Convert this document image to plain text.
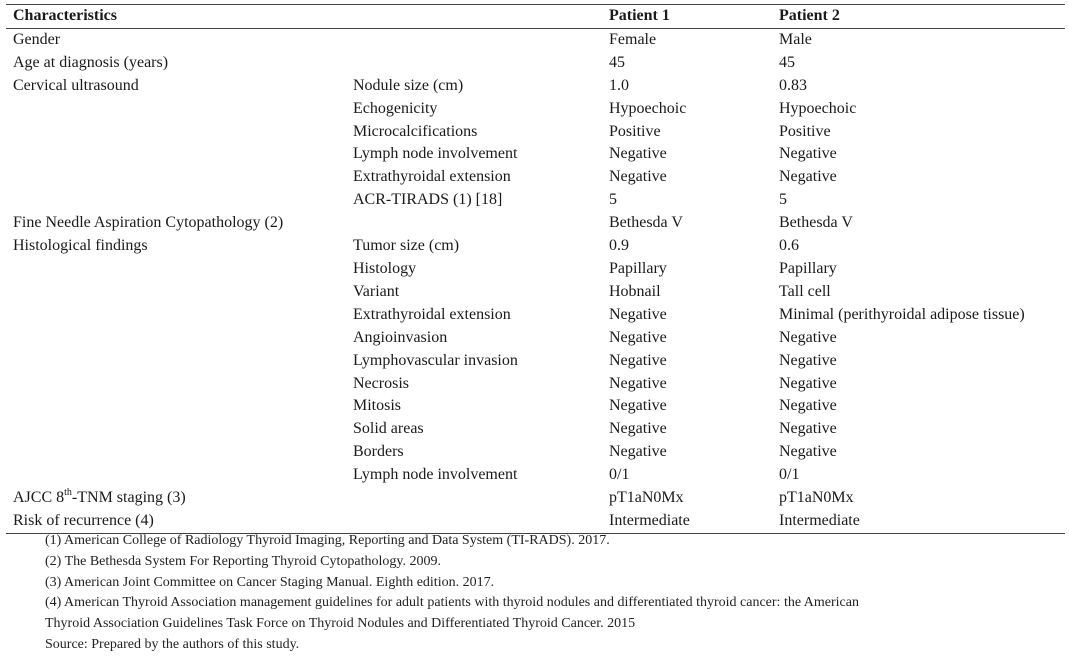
Characteristics		Patient 1	Patient 2
Gender		Female	Male
Age at diagnosis (years)		45	45
Cervical ultrasound	Nodule size (cm)	1.0	0.83
	Echogenicity	Hypoechoic	Hypoechoic
	Microcalcifications	Positive	Positive
	Lymph node involvement	Negative	Negative
	Extrathyroidal extension	Negative	Negative
	ACR-TIRADS (1) [18]	5	5
Fine Needle Aspiration Cytopathology (2)		Bethesda V	Bethesda V
Histological findings	Tumor size (cm)	0.9	0.6
	Histology	Papillary	Papillary
	Variant	Hobnail	Tall cell
	Extrathyroidal extension	Negative	Minimal (perithyroidal adipose tissue)
	Angioinvasion	Negative	Negative
	Lymphovascular invasion	Negative	Negative
	Necrosis	Negative	Negative
	Mitosis	Negative	Negative
	Solid areas	Negative	Negative
	Borders	Negative	Negative
	Lymph node involvement	0/1	0/1
AJCC 8th-TNM staging (3)		pT1aN0Mx	pT1aN0Mx
Risk of recurrence (4)		Intermediate	Intermediate
(1) American College of Radiology Thyroid Imaging, Reporting and Data System (TI-RADS). 2017.
(2) The Bethesda System For Reporting Thyroid Cytopathology. 2009.
(3) American Joint Committee on Cancer Staging Manual. Eighth edition. 2017.
(4) American Thyroid Association management guidelines for adult patients with thyroid nodules and differentiated thyroid cancer: the American
Thyroid Association Guidelines Task Force on Thyroid Nodules and Differentiated Thyroid Cancer. 2015
Source: Prepared by the authors of this study.
